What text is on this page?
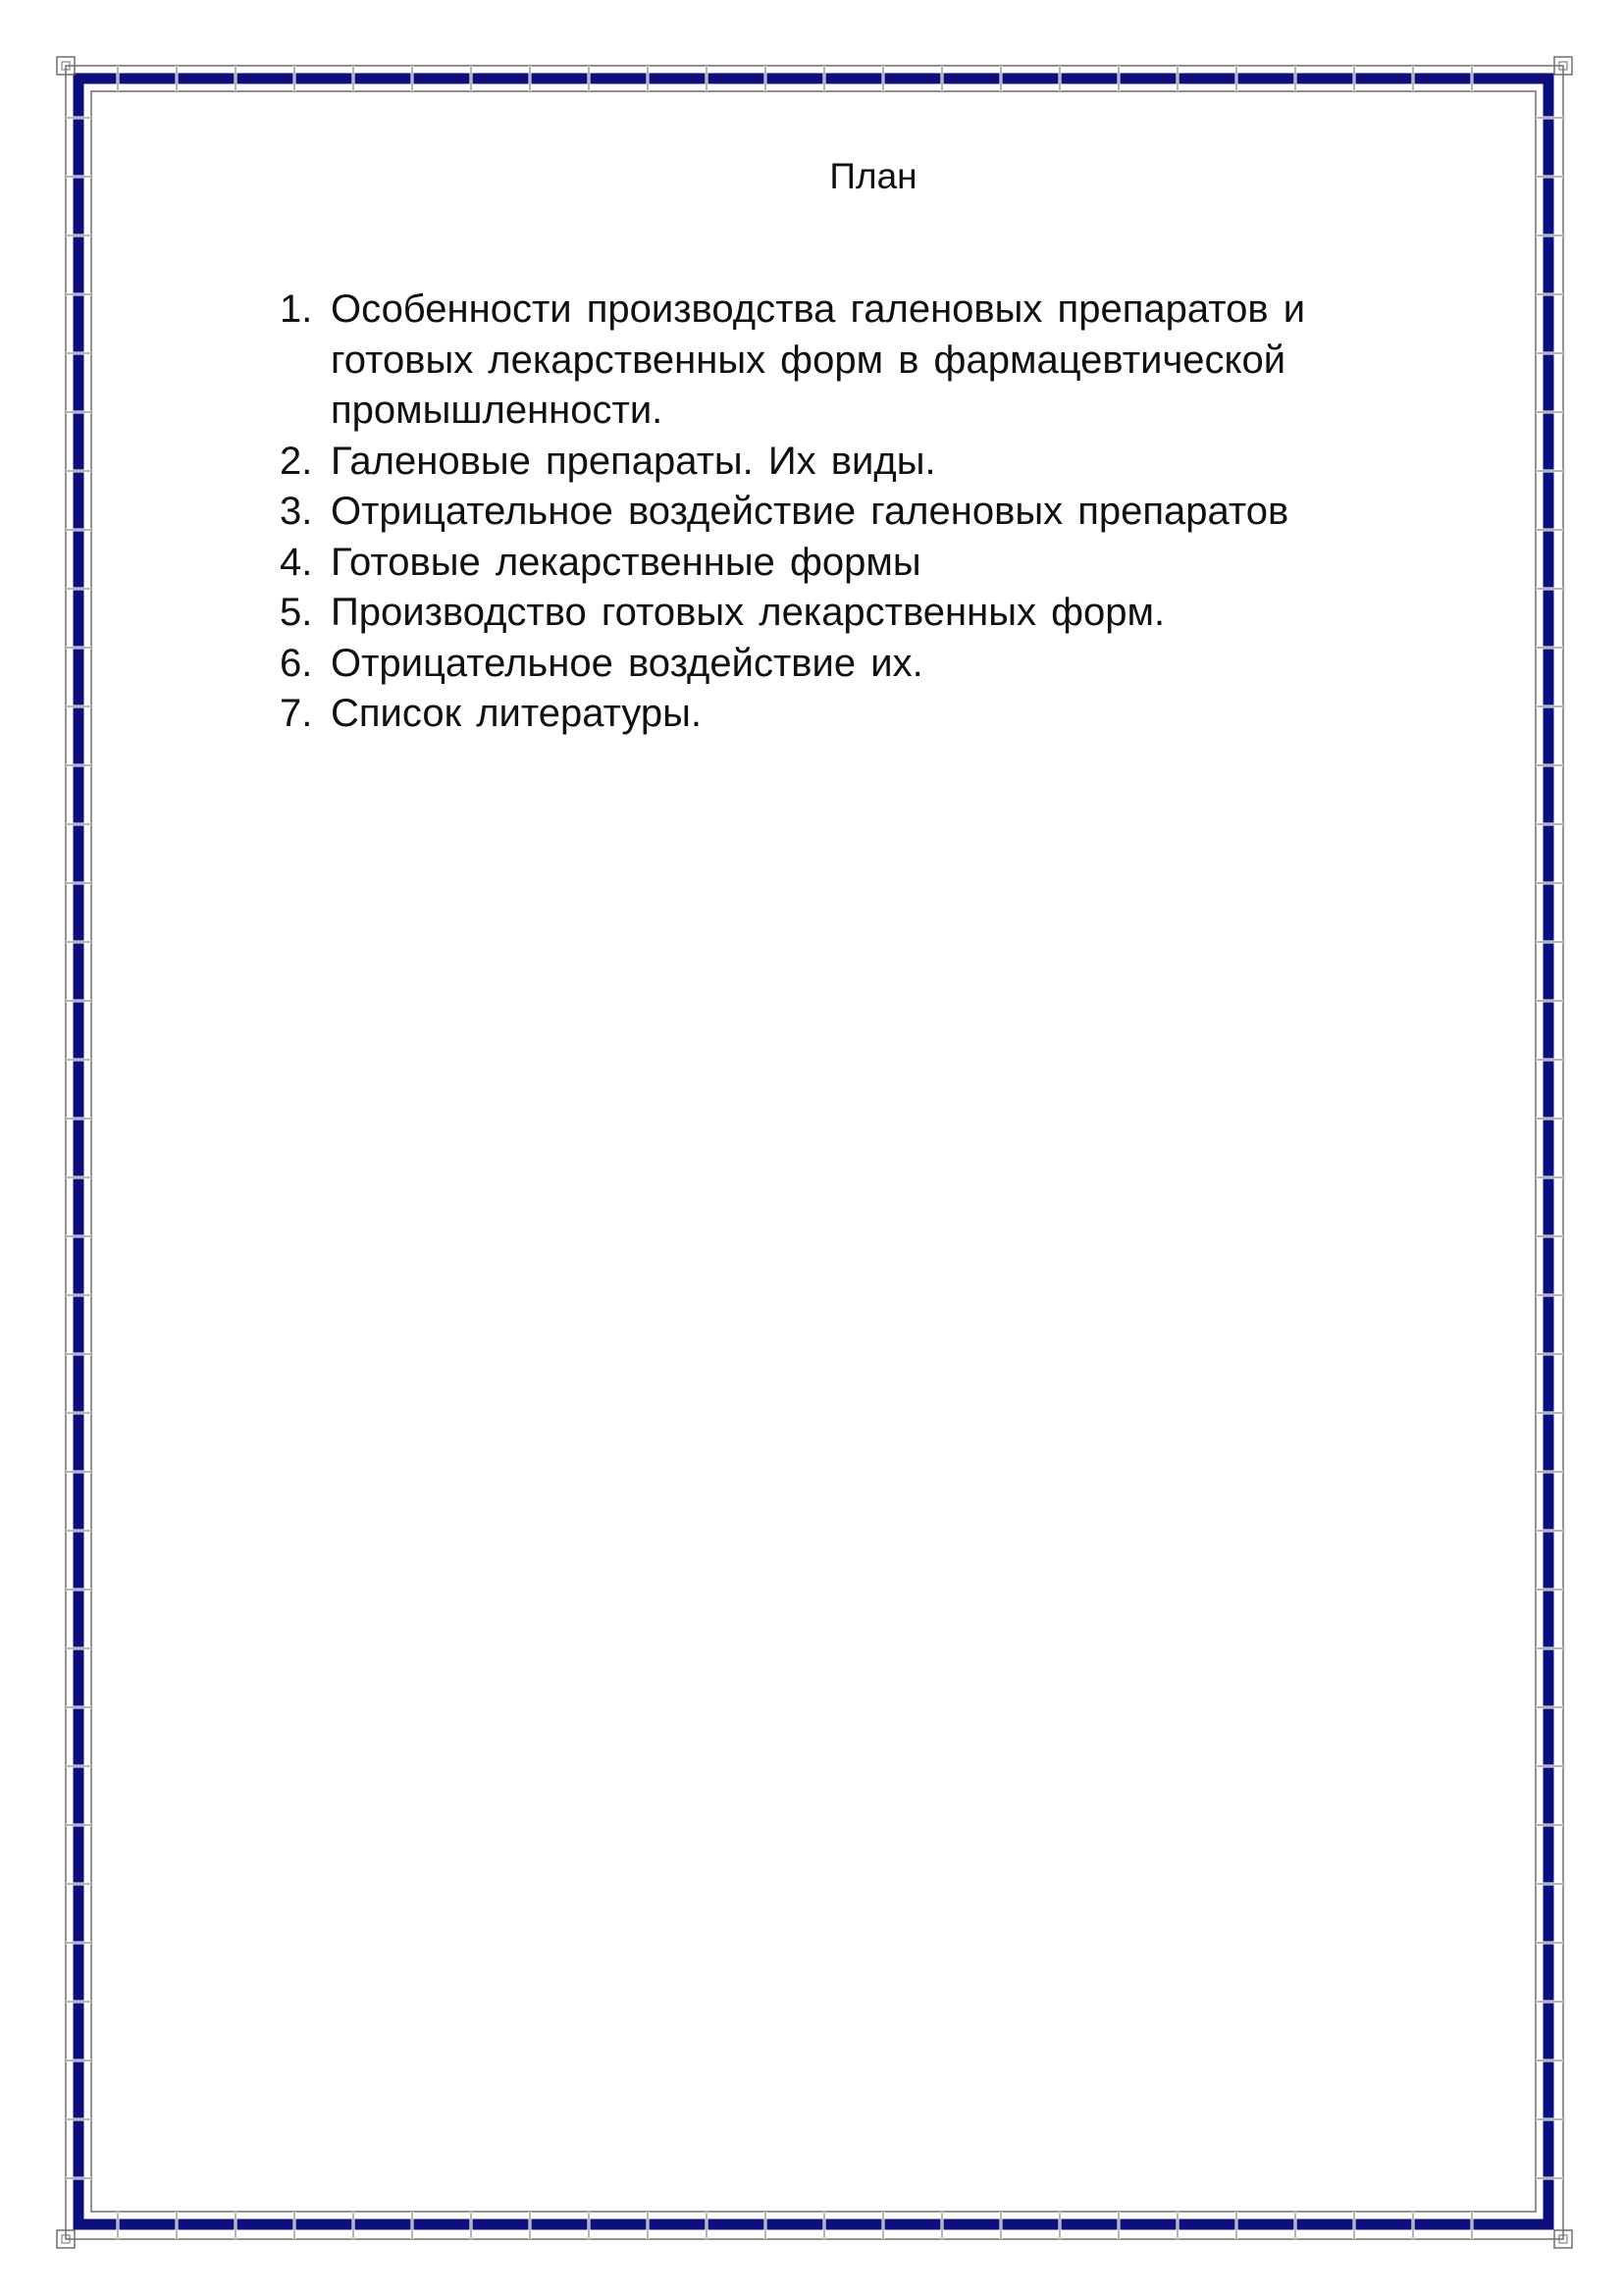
План
1. Особенности производства галеновых препаратов и
готовых лекарственных форм в фармацевтической
промышленности.
2. Галеновые препараты. Их виды.
3. Отрицательное воздействие галеновых препаратов
4. Готовые лекарственные формы
5. Производство готовых лекарственных форм.
6. Отрицательное воздействие их.
7. Список литературы.
